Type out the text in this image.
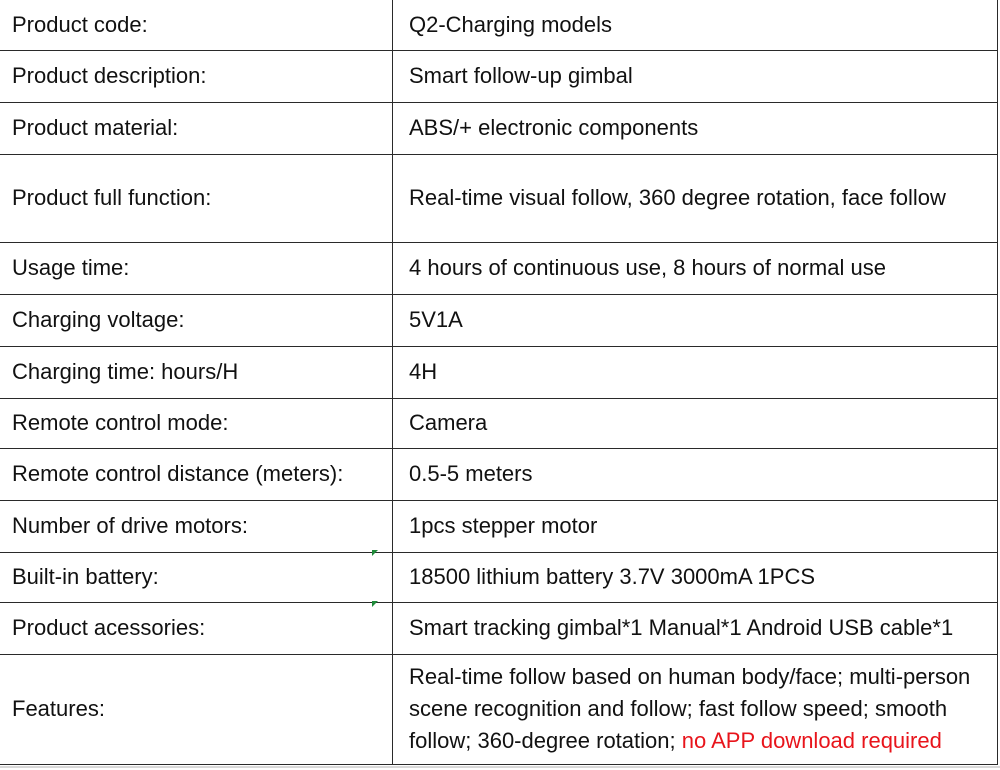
Product code:	Q2-Charging models
Product description:	Smart follow-up gimbal
Product material:	ABS/+ electronic components
Product full function:	Real-time visual follow, 360 degree rotation, face follow
Usage time:	4 hours of continuous use, 8 hours of normal use
Charging voltage:	5V1A
Charging time: hours/H	4H
Remote control mode:	Camera
Remote control distance (meters):	0.5-5 meters
Number of drive motors:	1pcs stepper motor
Built-in battery:	18500 lithium battery 3.7V 3000mA 1PCS
Product acessories:	Smart tracking gimbal*1 Manual*1 Android USB cable*1
Features:	Real-time follow based on human body/face; multi-person scene recognition and follow; fast follow speed; smooth follow; 360-degree rotation; no APP download required
